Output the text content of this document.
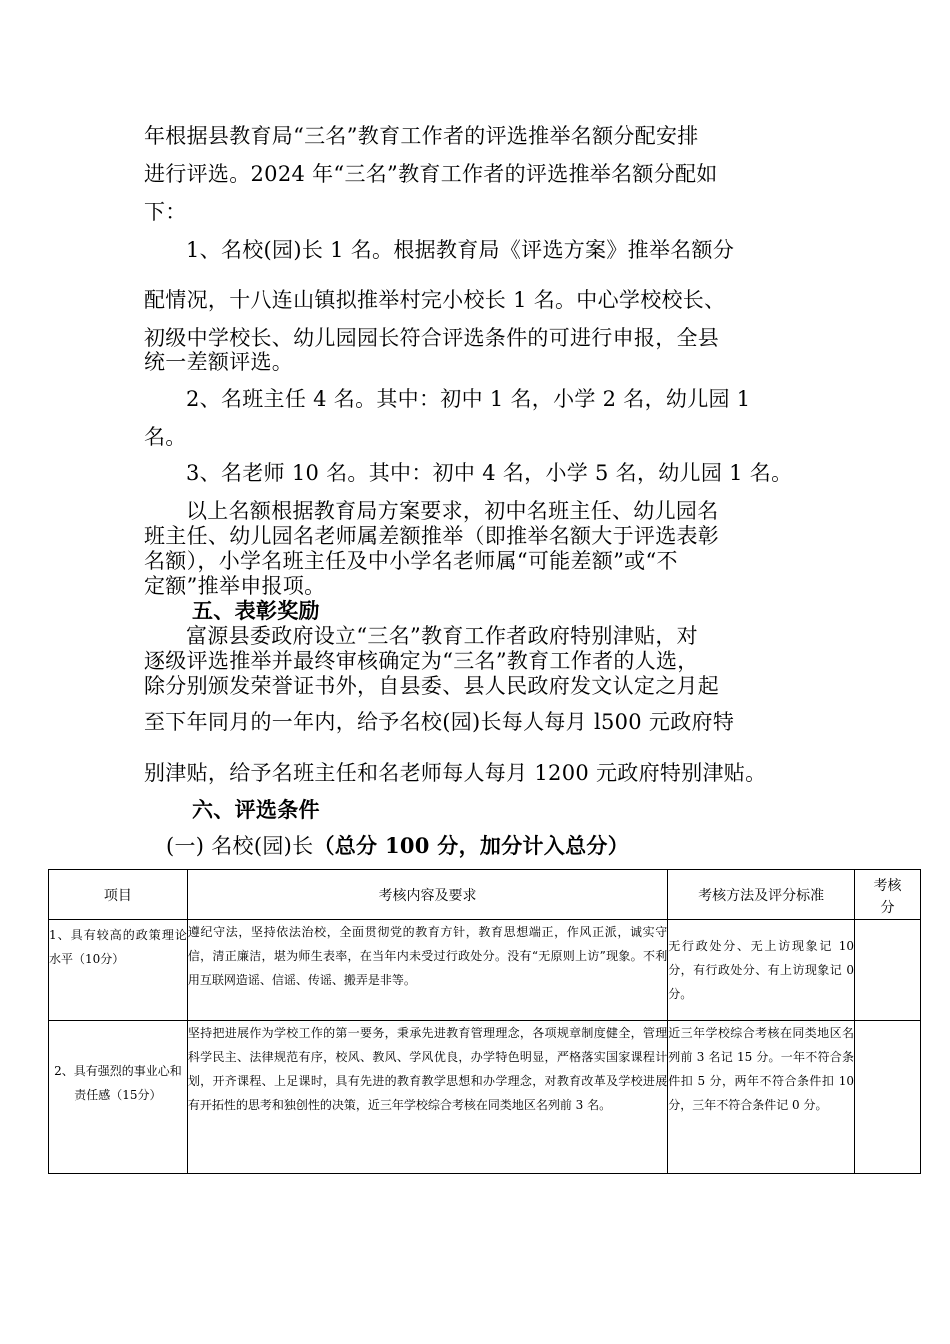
年根据县教育局“三名”教育工作者的评选推举名额分配安排
进行评选。2024 年“三名”教育工作者的评选推举名额分配如
下：
1、名校(园)长 1 名。根据教育局《评选方案》推举名额分
配情况，十八连山镇拟推举村完小校长 1 名。中心学校校长、
初级中学校长、幼儿园园长符合评选条件的可进行申报，全县
统一差额评选。
2、名班主任 4 名。其中：初中 1 名，小学 2 名，幼儿园 1
名。
3、名老师 10 名。其中：初中 4 名，小学 5 名，幼儿园 1 名。
以上名额根据教育局方案要求，初中名班主任、幼儿园名
班主任、幼儿园名老师属差额推举（即推举名额大于评选表彰
名额），小学名班主任及中小学名老师属“可能差额”或“不
定额”推举申报项。
五、表彰奖励
富源县委政府设立“三名”教育工作者政府特别津贴，对
逐级评选推举并最终审核确定为“三名”教育工作者的人选，
除分别颁发荣誉证书外，自县委、县人民政府发文认定之月起
至下年同月的一年内，给予名校(园)长每人每月 l500 元政府特
别津贴，给予名班主任和名老师每人每月 1200 元政府特别津贴。
六、评选条件
(一) 名校(园)长（总分 100 分，加分计入总分）
项目	考核内容及要求	考核方法及评分标准	考核分
1、具有较高的政策理论水平（10分）	遵纪守法，坚持依法治校，全面贯彻党的教育方针，教育思想端正，作风正派，诚实守信，清正廉洁，堪为师生表率，在当年内未受过行政处分。没有“无原则上访”现象。不利用互联网造谣、信谣、传谣、搬弄是非等。	无行政处分、无上访现象记 10 分，有行政处分、有上访现象记 0 分。	
2、具有强烈的事业心和责任感（15分）	坚持把进展作为学校工作的第一要务，秉承先进教育管理理念，各项规章制度健全，管理科学民主、法律规范有序，校风、教风、学风优良，办学特色明显，严格落实国家课程计划，开齐课程、上足课时，具有先进的教育教学思想和办学理念，对教育改革及学校进展有开拓性的思考和独创性的决策，近三年学校综合考核在同类地区名列前 3 名。	近三年学校综合考核在同类地区名列前 3 名记 15 分。一年不符合条件扣 5 分，两年不符合条件扣 10 分，三年不符合条件记 0 分。	
